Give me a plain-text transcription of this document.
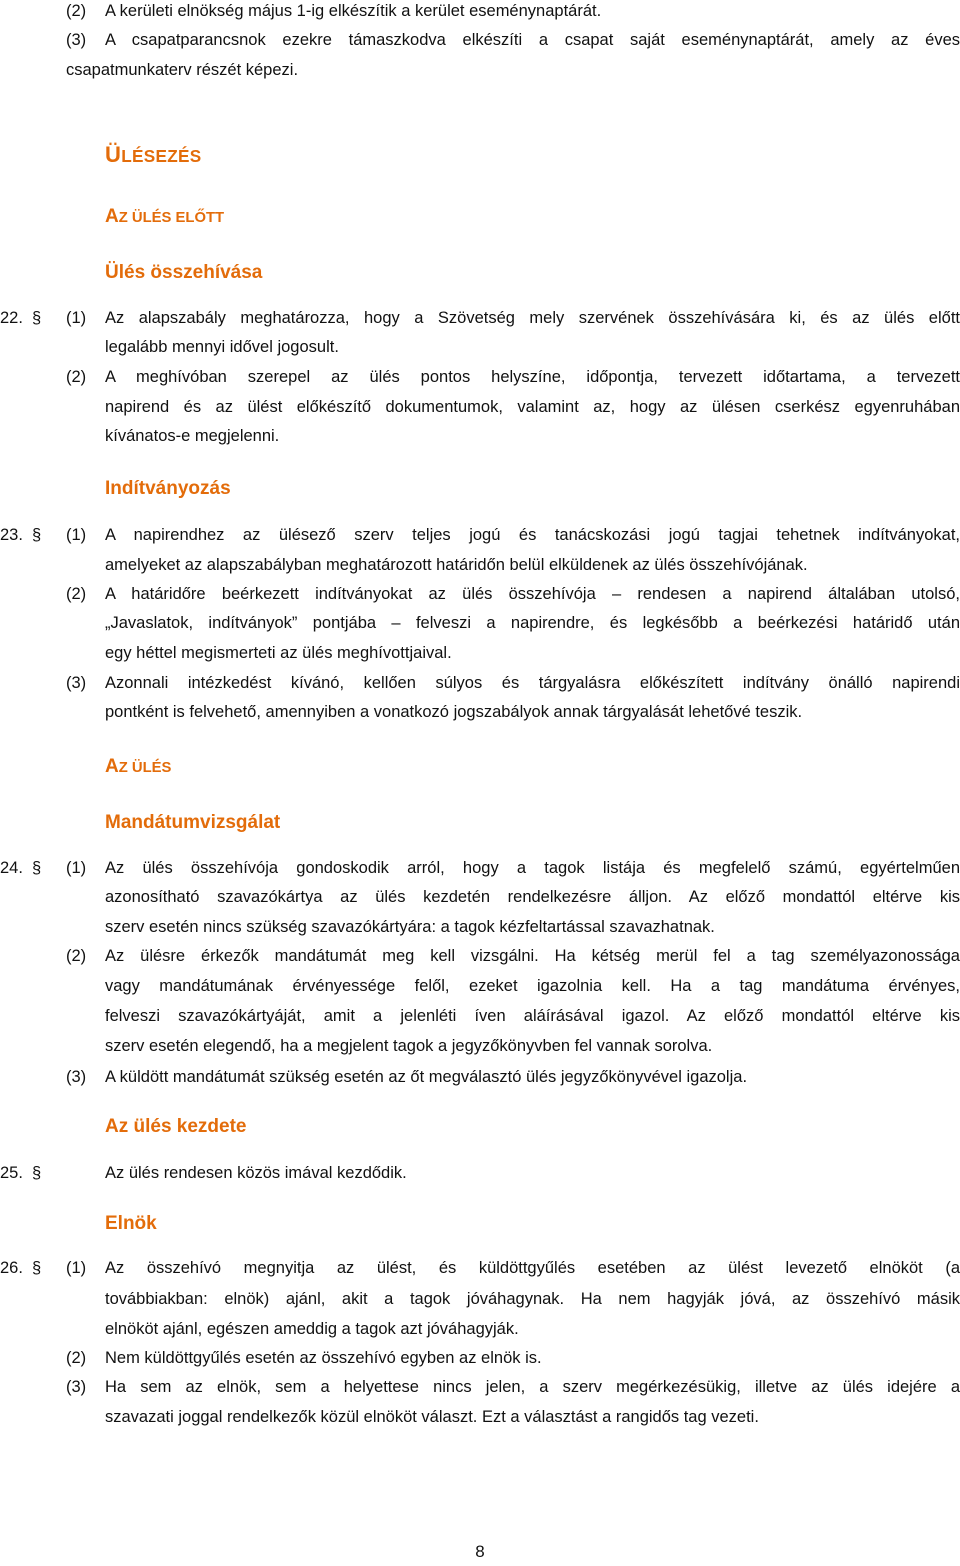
(2) A kerületi elnökség május 1-ig elkészítik a kerület eseménynaptárát.
(3) A csapatparancsnok ezekre támaszkodva elkészíti a csapat saját eseménynaptárát, amely az éves
csapatmunkaterv részét képezi.
ÜLÉSEZÉS
AZ ÜLÉS ELŐTT
Ülés összehívása
22. § (1) Az alapszabály meghatározza, hogy a Szövetség mely szervének összehívására ki, és az ülés előtt
legalább mennyi idővel jogosult.
(2) A meghívóban szerepel az ülés pontos helyszíne, időpontja, tervezett időtartama, a tervezett
napirend és az ülést előkészítő dokumentumok, valamint az, hogy az ülésen cserkész egyenruhában
kívánatos-e megjelenni.
Indítványozás
23. § (1) A napirendhez az ülésező szerv teljes jogú és tanácskozási jogú tagjai tehetnek indítványokat,
amelyeket az alapszabályban meghatározott határidőn belül elküldenek az ülés összehívójának.
(2) A határidőre beérkezett indítványokat az ülés összehívója – rendesen a napirend általában utolsó,
„Javaslatok, indítványok” pontjába – felveszi a napirendre, és legkésőbb a beérkezési határidő után
egy héttel megismerteti az ülés meghívottjaival.
(3) Azonnali intézkedést kívánó, kellően súlyos és tárgyalásra előkészített indítvány önálló napirendi
pontként is felvehető, amennyiben a vonatkozó jogszabályok annak tárgyalását lehetővé teszik.
AZ ÜLÉS
Mandátumvizsgálat
24. § (1) Az ülés összehívója gondoskodik arról, hogy a tagok listája és megfelelő számú, egyértelműen
azonosítható szavazókártya az ülés kezdetén rendelkezésre álljon. Az előző mondattól eltérve kis
szerv esetén nincs szükség szavazókártyára: a tagok kézfeltartással szavazhatnak.
(2) Az ülésre érkezők mandátumát meg kell vizsgálni. Ha kétség merül fel a tag személyazonossága
vagy mandátumának érvényessége felől, ezeket igazolnia kell. Ha a tag mandátuma érvényes,
felveszi szavazókártyáját, amit a jelenléti íven aláírásával igazol. Az előző mondattól eltérve kis
szerv esetén elegendő, ha a megjelent tagok a jegyzőkönyvben fel vannak sorolva.
(3) A küldött mandátumát szükség esetén az őt megválasztó ülés jegyzőkönyvével igazolja.
Az ülés kezdete
25. §	Az ülés rendesen közös imával kezdődik.
Elnök
26. § (1) Az összehívó megnyitja az ülést, és küldöttgyűlés esetében az ülést levezető elnököt (a
továbbiakban: elnök) ajánl, akit a tagok jóváhagynak. Ha nem hagyják jóvá, az összehívó másik
elnököt ajánl, egészen ameddig a tagok azt jóváhagyják.
(2) Nem küldöttgyűlés esetén az összehívó egyben az elnök is.
(3) Ha sem az elnök, sem a helyettese nincs jelen, a szerv megérkezésükig, illetve az ülés idejére a
szavazati joggal rendelkezők közül elnököt választ. Ezt a választást a rangidős tag vezeti.
8
